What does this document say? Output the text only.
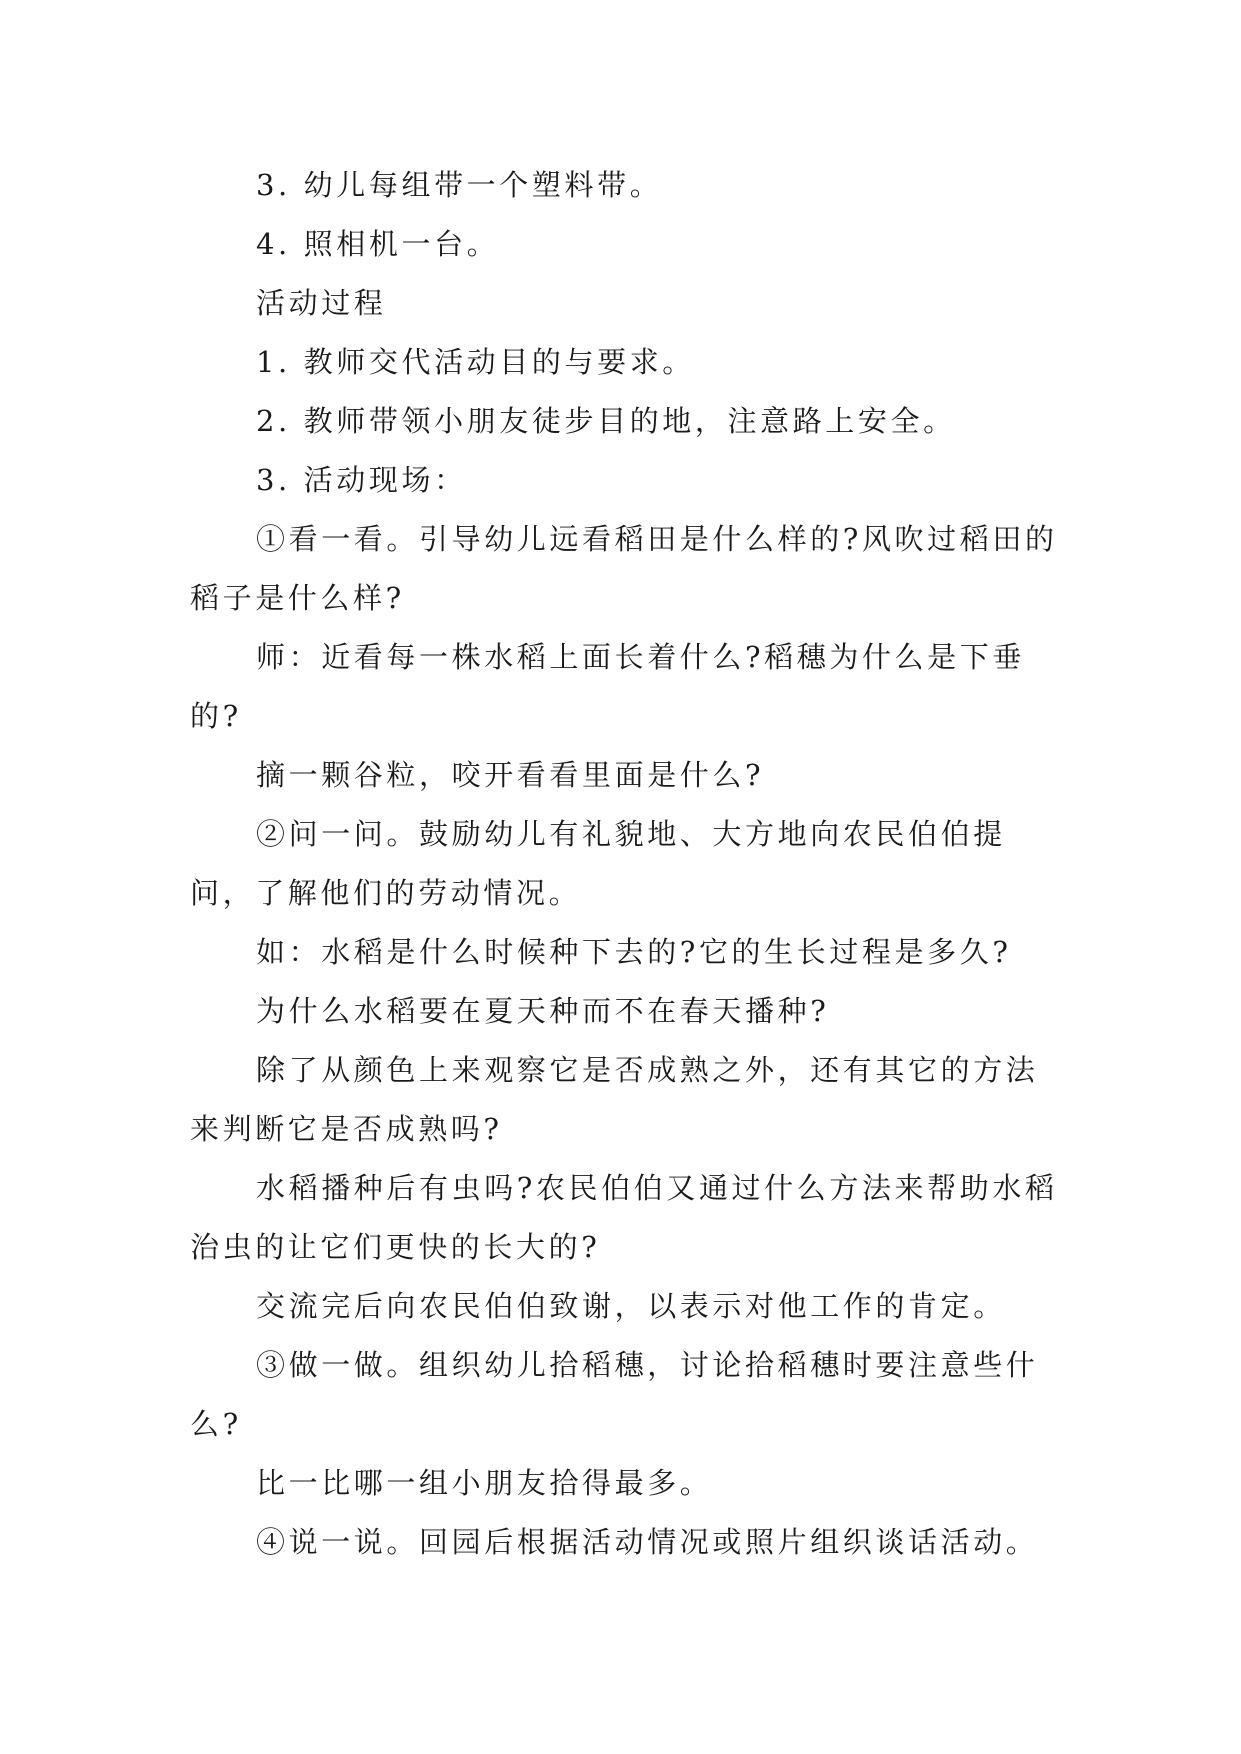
3. 幼儿每组带一个塑料带。

4. 照相机一台。

活动过程

1. 教师交代活动目的与要求。

2. 教师带领小朋友徒步目的地，注意路上安全。

3. 活动现场：

①看一看。引导幼儿远看稻田是什么样的?风吹过稻田的稻子是什么样?

师：近看每一株水稻上面长着什么?稻穗为什么是下垂的?

摘一颗谷粒，咬开看看里面是什么?

②问一问。鼓励幼儿有礼貌地、大方地向农民伯伯提问，了解他们的劳动情况。

如：水稻是什么时候种下去的?它的生长过程是多久?

为什么水稻要在夏天种而不在春天播种?

除了从颜色上来观察它是否成熟之外，还有其它的方法来判断它是否成熟吗?

水稻播种后有虫吗?农民伯伯又通过什么方法来帮助水稻治虫的让它们更快的长大的?

交流完后向农民伯伯致谢，以表示对他工作的肯定。

③做一做。组织幼儿拾稻穗，讨论拾稻穗时要注意些什么?

比一比哪一组小朋友拾得最多。

④说一说。回园后根据活动情况或照片组织谈话活动。
